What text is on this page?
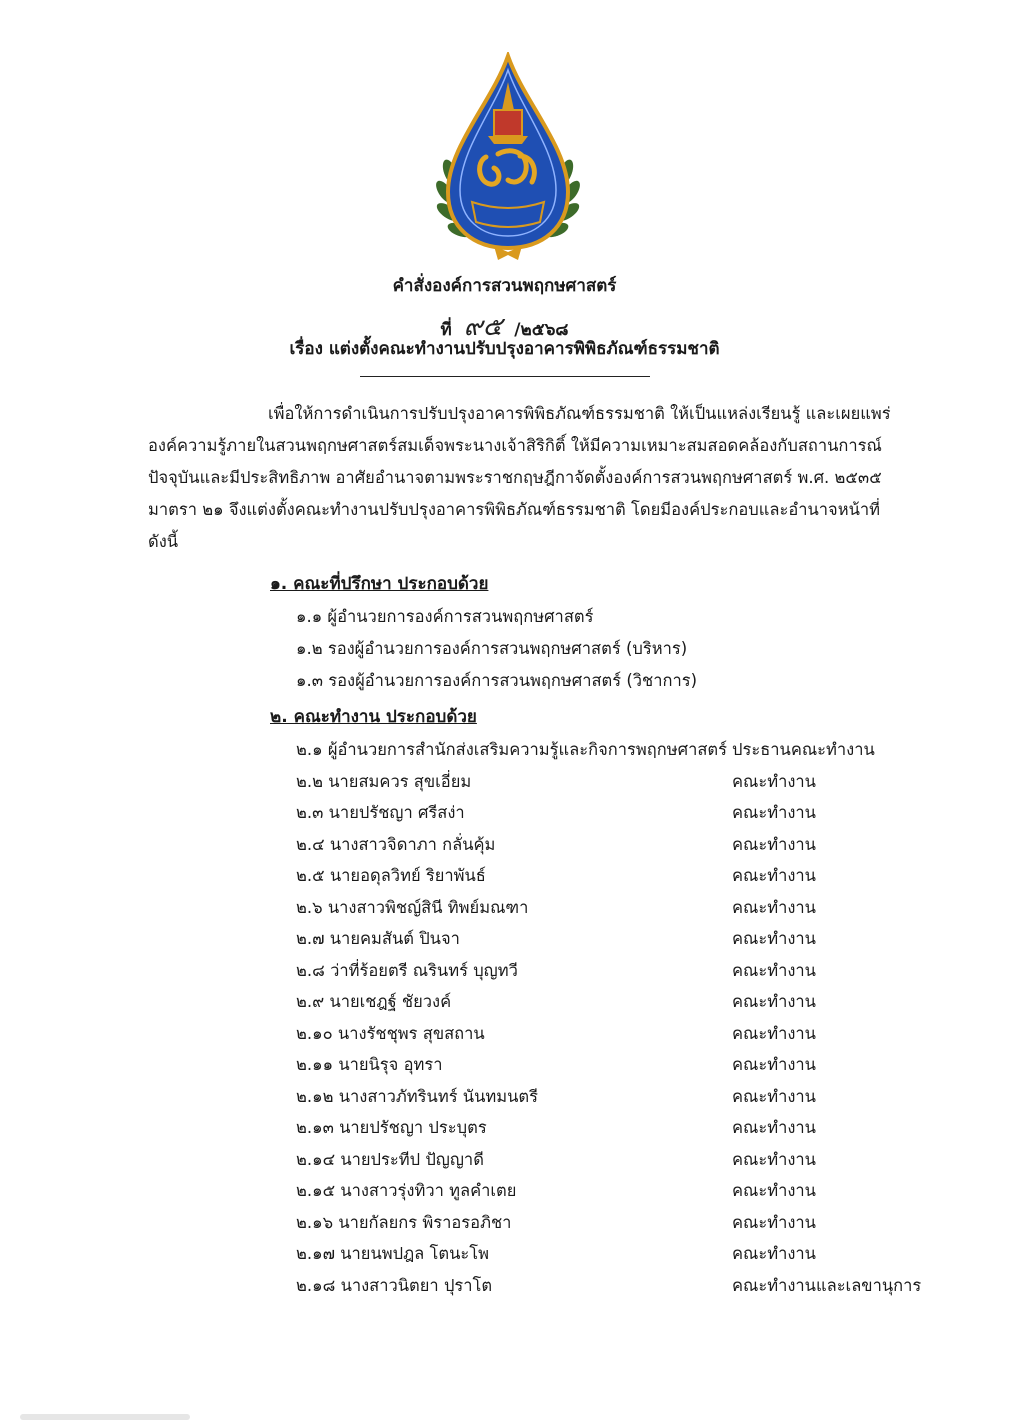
คำสั่งองค์การสวนพฤกษศาสตร์
ที่ ๙๕ /๒๕๖๘
เรื่อง แต่งตั้งคณะทำงานปรับปรุงอาคารพิพิธภัณฑ์ธรรมชาติ
เพื่อให้การดำเนินการปรับปรุงอาคารพิพิธภัณฑ์ธรรมชาติ ให้เป็นแหล่งเรียนรู้ และเผยแพร่
องค์ความรู้ภายในสวนพฤกษศาสตร์สมเด็จพระนางเจ้าสิริกิติ์ ให้มีความเหมาะสมสอดคล้องกับสถานการณ์
ปัจจุบันและมีประสิทธิภาพ อาศัยอำนาจตามพระราชกฤษฎีกาจัดตั้งองค์การสวนพฤกษศาสตร์ พ.ศ. ๒๕๓๕
มาตรา ๒๑ จึงแต่งตั้งคณะทำงานปรับปรุงอาคารพิพิธภัณฑ์ธรรมชาติ โดยมีองค์ประกอบและอำนาจหน้าที่
ดังนี้
๑. คณะที่ปรึกษา ประกอบด้วย
๑.๑ ผู้อำนวยการองค์การสวนพฤกษศาสตร์
๑.๒ รองผู้อำนวยการองค์การสวนพฤกษศาสตร์ (บริหาร)
๑.๓ รองผู้อำนวยการองค์การสวนพฤกษศาสตร์ (วิชาการ)
๒. คณะทำงาน ประกอบด้วย
๒.๑ ผู้อำนวยการสำนักส่งเสริมความรู้และกิจการพฤกษศาสตร์ ประธานคณะทำงาน
๒.๒ นายสมควร สุขเอี่ยม	คณะทำงาน
๒.๓ นายปรัชญา ศรีสง่า	คณะทำงาน
๒.๔ นางสาวจิดาภา กลั่นคุ้ม	คณะทำงาน
๒.๕ นายอดุลวิทย์ ริยาพันธ์	คณะทำงาน
๒.๖ นางสาวพิชญ์สินี ทิพย์มณฑา	คณะทำงาน
๒.๗ นายคมสันต์ ปินจา	คณะทำงาน
๒.๘ ว่าที่ร้อยตรี ณรินทร์ บุญทวี	คณะทำงาน
๒.๙ นายเชฎฐ์ ชัยวงค์	คณะทำงาน
๒.๑๐ นางรัชชุพร สุขสถาน	คณะทำงาน
๒.๑๑ นายนิรุจ อุทรา	คณะทำงาน
๒.๑๒ นางสาวภัทรินทร์ นันทมนตรี	คณะทำงาน
๒.๑๓ นายปรัชญา ประบุตร	คณะทำงาน
๒.๑๔ นายประทีป ปัญญาดี	คณะทำงาน
๒.๑๕ นางสาวรุ่งทิวา ทูลคำเตย	คณะทำงาน
๒.๑๖ นายกัลยกร พิราอรอภิชา	คณะทำงาน
๒.๑๗ นายนพปฎล โตนะโพ	คณะทำงาน
๒.๑๘ นางสาวนิตยา ปุราโต	คณะทำงานและเลขานุการ
